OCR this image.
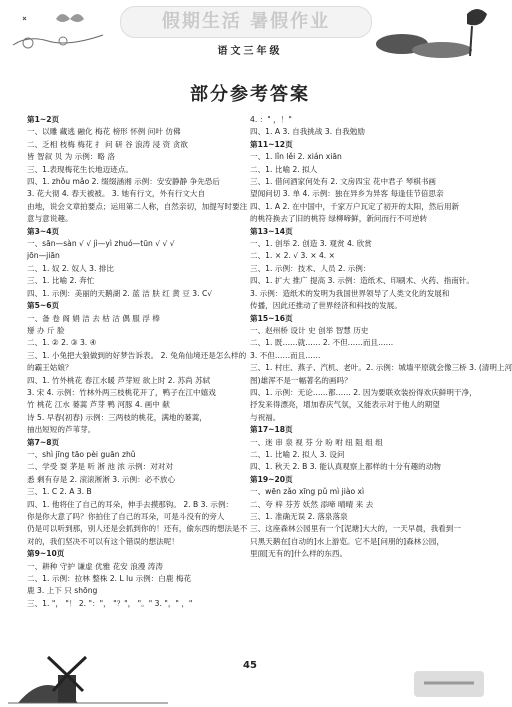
假期生活 暑假作业
语文三年级
部分参考答案
第1~2页
一、以雕 藏逃 融化 梅花 榜形 怀例 问叶 仿佛
二、乏相 枝梅 梅花 扌 问 研 谷 浪涛 浸 资 贪欲
皆 智叙 贝 为 示例：略 洛
三、1.表现梅花生长地迈迹点。
四、1. zhǒu mǎo 2. 缀缀涵湘 示例：安安静静 争先恐后
3. 花大彻 4. 春天被被。 3. 她有行文，外有行文大自
由地，说会文章拍要点；运用第二人称，自然亲切，加提写时要注
意与意说趣。
第3~4页
一、sān—sàn √ √ jì—yì zhuó—tūn √ √ √
jōn—jiān
二、1. 奴 2. 奴人 3. 排比
三、1. 比喻 2. 奔忙
四、1. 示例：美丽的天鹅湖 2. 蓝 洁 肤 红 黄 豆 3. C√
第5~6页
一、备 卷 阁 娟 洁 去 枯 沽 偶 服 浮 棒
掰 办 斤 脸
二、1. ② 2. ③ 3. ④
三、1. 小兔把大狼做到的好梦告诉表。 2. 兔角仙境还是怎么样的
的霸王姑娘？
四、1. 竹外桃花 春江水暖 芦芽短 欲上时 2. 苏尚 苏轼
3. 宋 4. 示例：竹林外两三枝桃花开了，鸭子在江中嬉戏
竹 桃花 江水 蒌蒿 芦芽 鸭 河豚 4. 画中 献
诗 5. 早春(初春) 示例：三两枝的桃花，满地的蒌蒿，
抽出短短的芦苇芽。
第7~8页
一、shì jīng tāo pèi guān zhǔ
二、学受 耍 茅是 听 淅 池 浓 示例：对对对
悉 剩有存是 2. 滚滚淅淅 3. 示例：必不放心
三、1. C 2. A 3. B
四、1. 他将住了自己的耳朵，伸手去摸那钩。 2. B 3. 示例：
你是你大意了吗？你拍住了自己的耳朵，可是斗没有的旁人
仍是可以听到那，别人还是会抓到你的！还有，偷东西的想法是不
对的，我们坚决不可以有这个错误的想法呢！
第9~10页
一、耕种 守护 谦虚 优雅 花安 浪漫 涛涛
二、1. 示例：拉林 整株 2. L lu 示例：白鹿 梅花
鹿 3. 上下 只 shōng
三、1. "， "！ 2. "："， "？"， "。" 3. "，" ，"
4. ：" ，！"
四、1. A 3. 自我挑战 3. 自我勉励
第11~12页
一、1. lǐn lěi 2. xián xiān
二、1. 比喻 2. 拟人
三、1. 借问酒家何处有 2. 文房四宝 花中君子 琴棋书画
望闻问切 3. 单 4. 示例：独在异乡为异客 每逢佳节倍思亲
四、1. A 2. 在中国中，千家万户瓦定了初开的太阳，然后用新
的桃符换去了旧的桃符 绿柳啼鲜，新问而行不可逆转
第13~14页
一、1. 创举 2. 创造 3. 观赏 4. 欣赏
二、1. × 2. √ 3. × 4. ×
三、1. 示例：技术、人员 2. 示例：
四、1. 扩大 推广 提高 3. 示例：造纸术、印刷术、火药、指南针。
3. 示例：造纸术的发明为我国世界领导了人类文化的发展和
传播，因此还推动了世界经济和科技的发展。
第15~16页
一、赵州桥 设计 史 创举 智慧 历史
二、1. 既……就…… 2. 不但……而且……
3. 不但……而且……
三、1. 村庄、燕子、汽机、老叶。2. 示例：城墙平原就会像三桥 3. (清明上河
图)雄浑不是一幅著名的画吗？
四、1. 示例：无论……都…… 2. 因为要联欢装扮得欢庆鲜明干净，
抒发来得漂亮，增加春庆气氛，又能表示对于他人的期望
与祝福。
第17~18页
一、迷 串 泉 视 芬 分 吩 咐 纽 阻 组 组
二、1. 比喻 2. 拟人 3. 设问
四、1. 秋天 2. B 3. 能认真观察上都样的十分有趣的动物
第19~20页
一、wēn zǎo xīng pǔ mì jiào xì
二、夸 梓 芬芳 妖然 添啼 晴晴 来 去
三、1. 准确无误 2. 落泉落泉
三、这座森林公园里有一个[泥塘]大大的，一天早晨，我看到一
只黑天鹅在[自动的]水上游览。它不是[问朋的]森林公园，
里面[无有的]什么样的东西。
45
